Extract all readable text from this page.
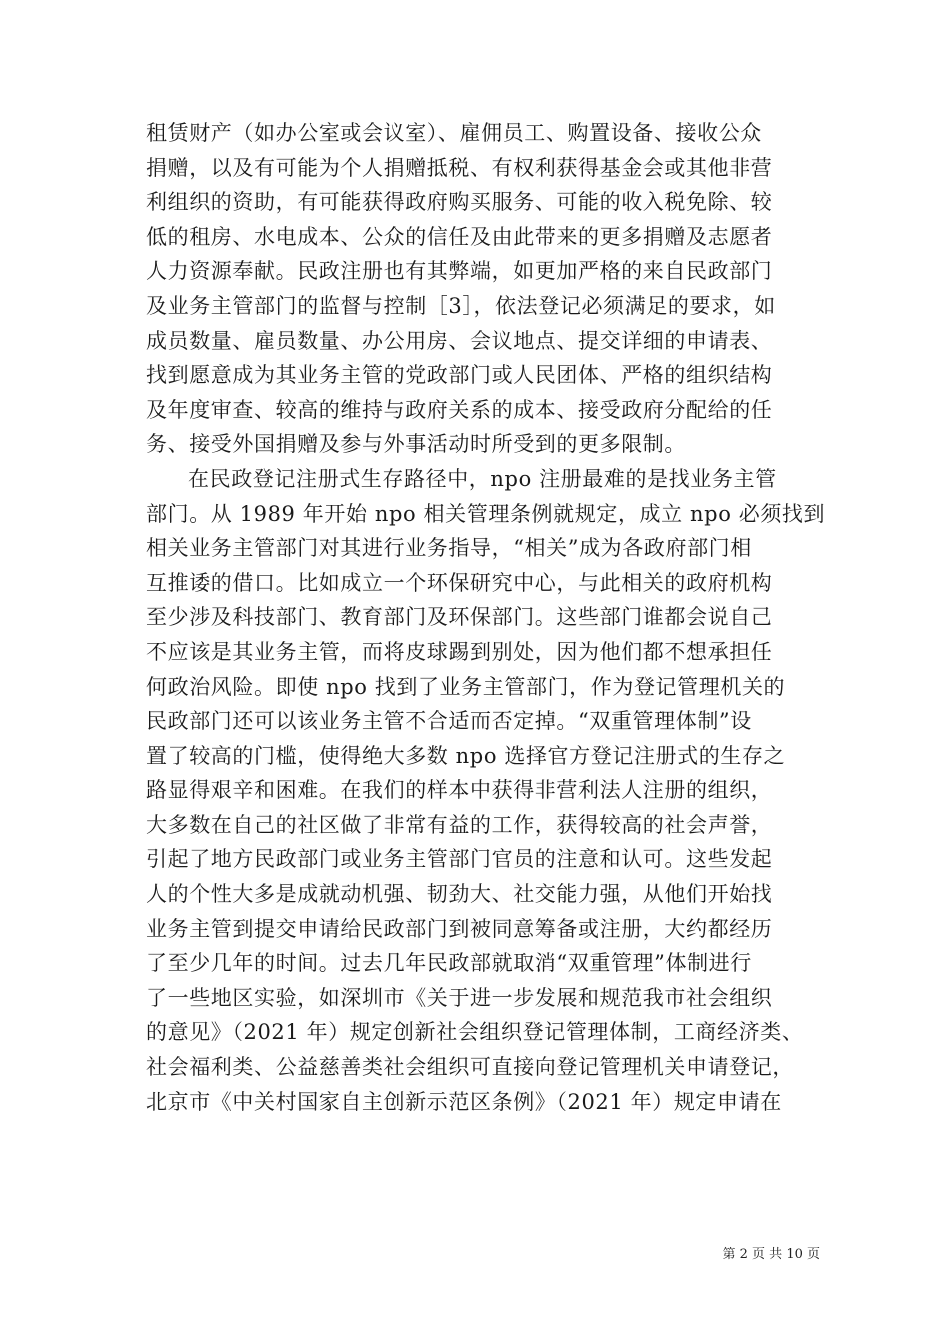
租赁财产（如办公室或会议室）、雇佣员工、购置设备、接收公众
捐赠，以及有可能为个人捐赠抵税、有权利获得基金会或其他非营
利组织的资助，有可能获得政府购买服务、可能的收入税免除、较
低的租房、水电成本、公众的信任及由此带来的更多捐赠及志愿者
人力资源奉献。民政注册也有其弊端，如更加严格的来自民政部门
及业务主管部门的监督与控制［3］，依法登记必须满足的要求，如
成员数量、雇员数量、办公用房、会议地点、提交详细的申请表、
找到愿意成为其业务主管的党政部门或人民团体、严格的组织结构
及年度审查、较高的维持与政府关系的成本、接受政府分配给的任
务、接受外国捐赠及参与外事活动时所受到的更多限制。
在民政登记注册式生存路径中，npo 注册最难的是找业务主管
部门。从 1989 年开始 npo 相关管理条例就规定，成立 npo 必须找到
相关业务主管部门对其进行业务指导，“相关”成为各政府部门相
互推诿的借口。比如成立一个环保研究中心，与此相关的政府机构
至少涉及科技部门、教育部门及环保部门。这些部门谁都会说自己
不应该是其业务主管，而将皮球踢到别处，因为他们都不想承担任
何政治风险。即使 npo 找到了业务主管部门，作为登记管理机关的
民政部门还可以该业务主管不合适而否定掉。“双重管理体制”设
置了较高的门槛，使得绝大多数 npo 选择官方登记注册式的生存之
路显得艰辛和困难。在我们的样本中获得非营利法人注册的组织，
大多数在自己的社区做了非常有益的工作，获得较高的社会声誉，
引起了地方民政部门或业务主管部门官员的注意和认可。这些发起
人的个性大多是成就动机强、韧劲大、社交能力强，从他们开始找
业务主管到提交申请给民政部门到被同意筹备或注册，大约都经历
了至少几年的时间。过去几年民政部就取消“双重管理”体制进行
了一些地区实验，如深圳市《关于进一步发展和规范我市社会组织
的意见》（2021 年）规定创新社会组织登记管理体制，工商经济类、
社会福利类、公益慈善类社会组织可直接向登记管理机关申请登记，
北京市《中关村国家自主创新示范区条例》（2021 年）规定申请在
第 2 页 共 10 页
